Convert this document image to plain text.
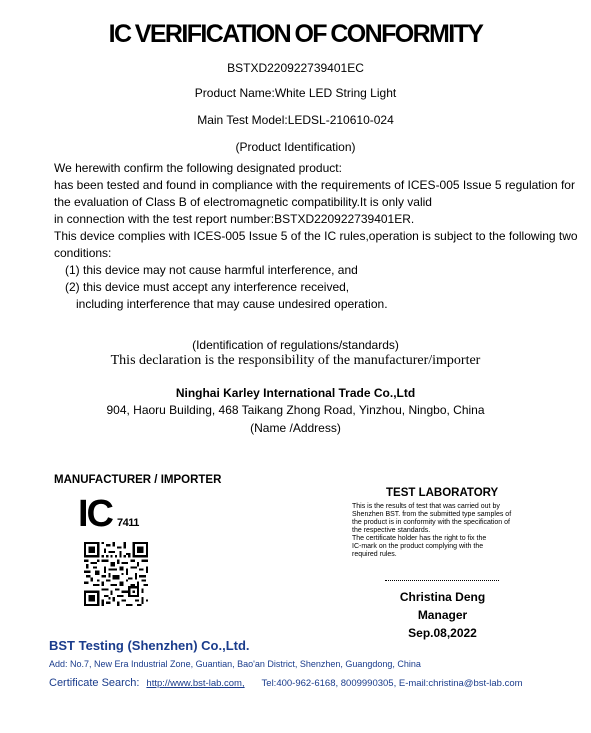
IC VERIFICATION OF CONFORMITY
BSTXD220922739401EC
Product Name:White LED String Light
Main Test Model:LEDSL-210610-024
(Product Identification)
We herewith confirm the following designated product:
has been tested and found in compliance with the requirements of ICES-005 Issue 5 regulation for
the evaluation of Class B of electromagnetic compatibility.It is only valid
in connection with the test report number:BSTXD220922739401ER.
This device complies with ICES-005 Issue 5 of the IC rules,operation is subject to the following two
conditions:
(1) this device may not cause harmful interference, and
(2) this device must accept any interference received,
including interference that may cause undesired operation.
(Identification of regulations/standards)
This declaration is the responsibility of the manufacturer/importer
Ninghai Karley International Trade Co.,Ltd
904, Haoru Building, 468 Taikang Zhong Road, Yinzhou, Ningbo, China
(Name /Address)
MANUFACTURER / IMPORTER
IC 7411
TEST LABORATORY
This is the results of test that was carried out by
Shenzhen BST. from the submitted type samples of
the product is in conformity with the specification of
the respective standards.
The certificate holder has the right to fix the
IC-mark on the product complying with the
required rules.
Christina Deng
Manager
Sep.08,2022
BST Testing (Shenzhen) Co.,Ltd.
Add: No.7, New Era Industrial Zone, Guantian, Bao'an District, Shenzhen, Guangdong, China
Certificate Search: http://www.bst-lab.com, Tel:400-962-6168, 8009990305, E-mail:christina@bst-lab.com
